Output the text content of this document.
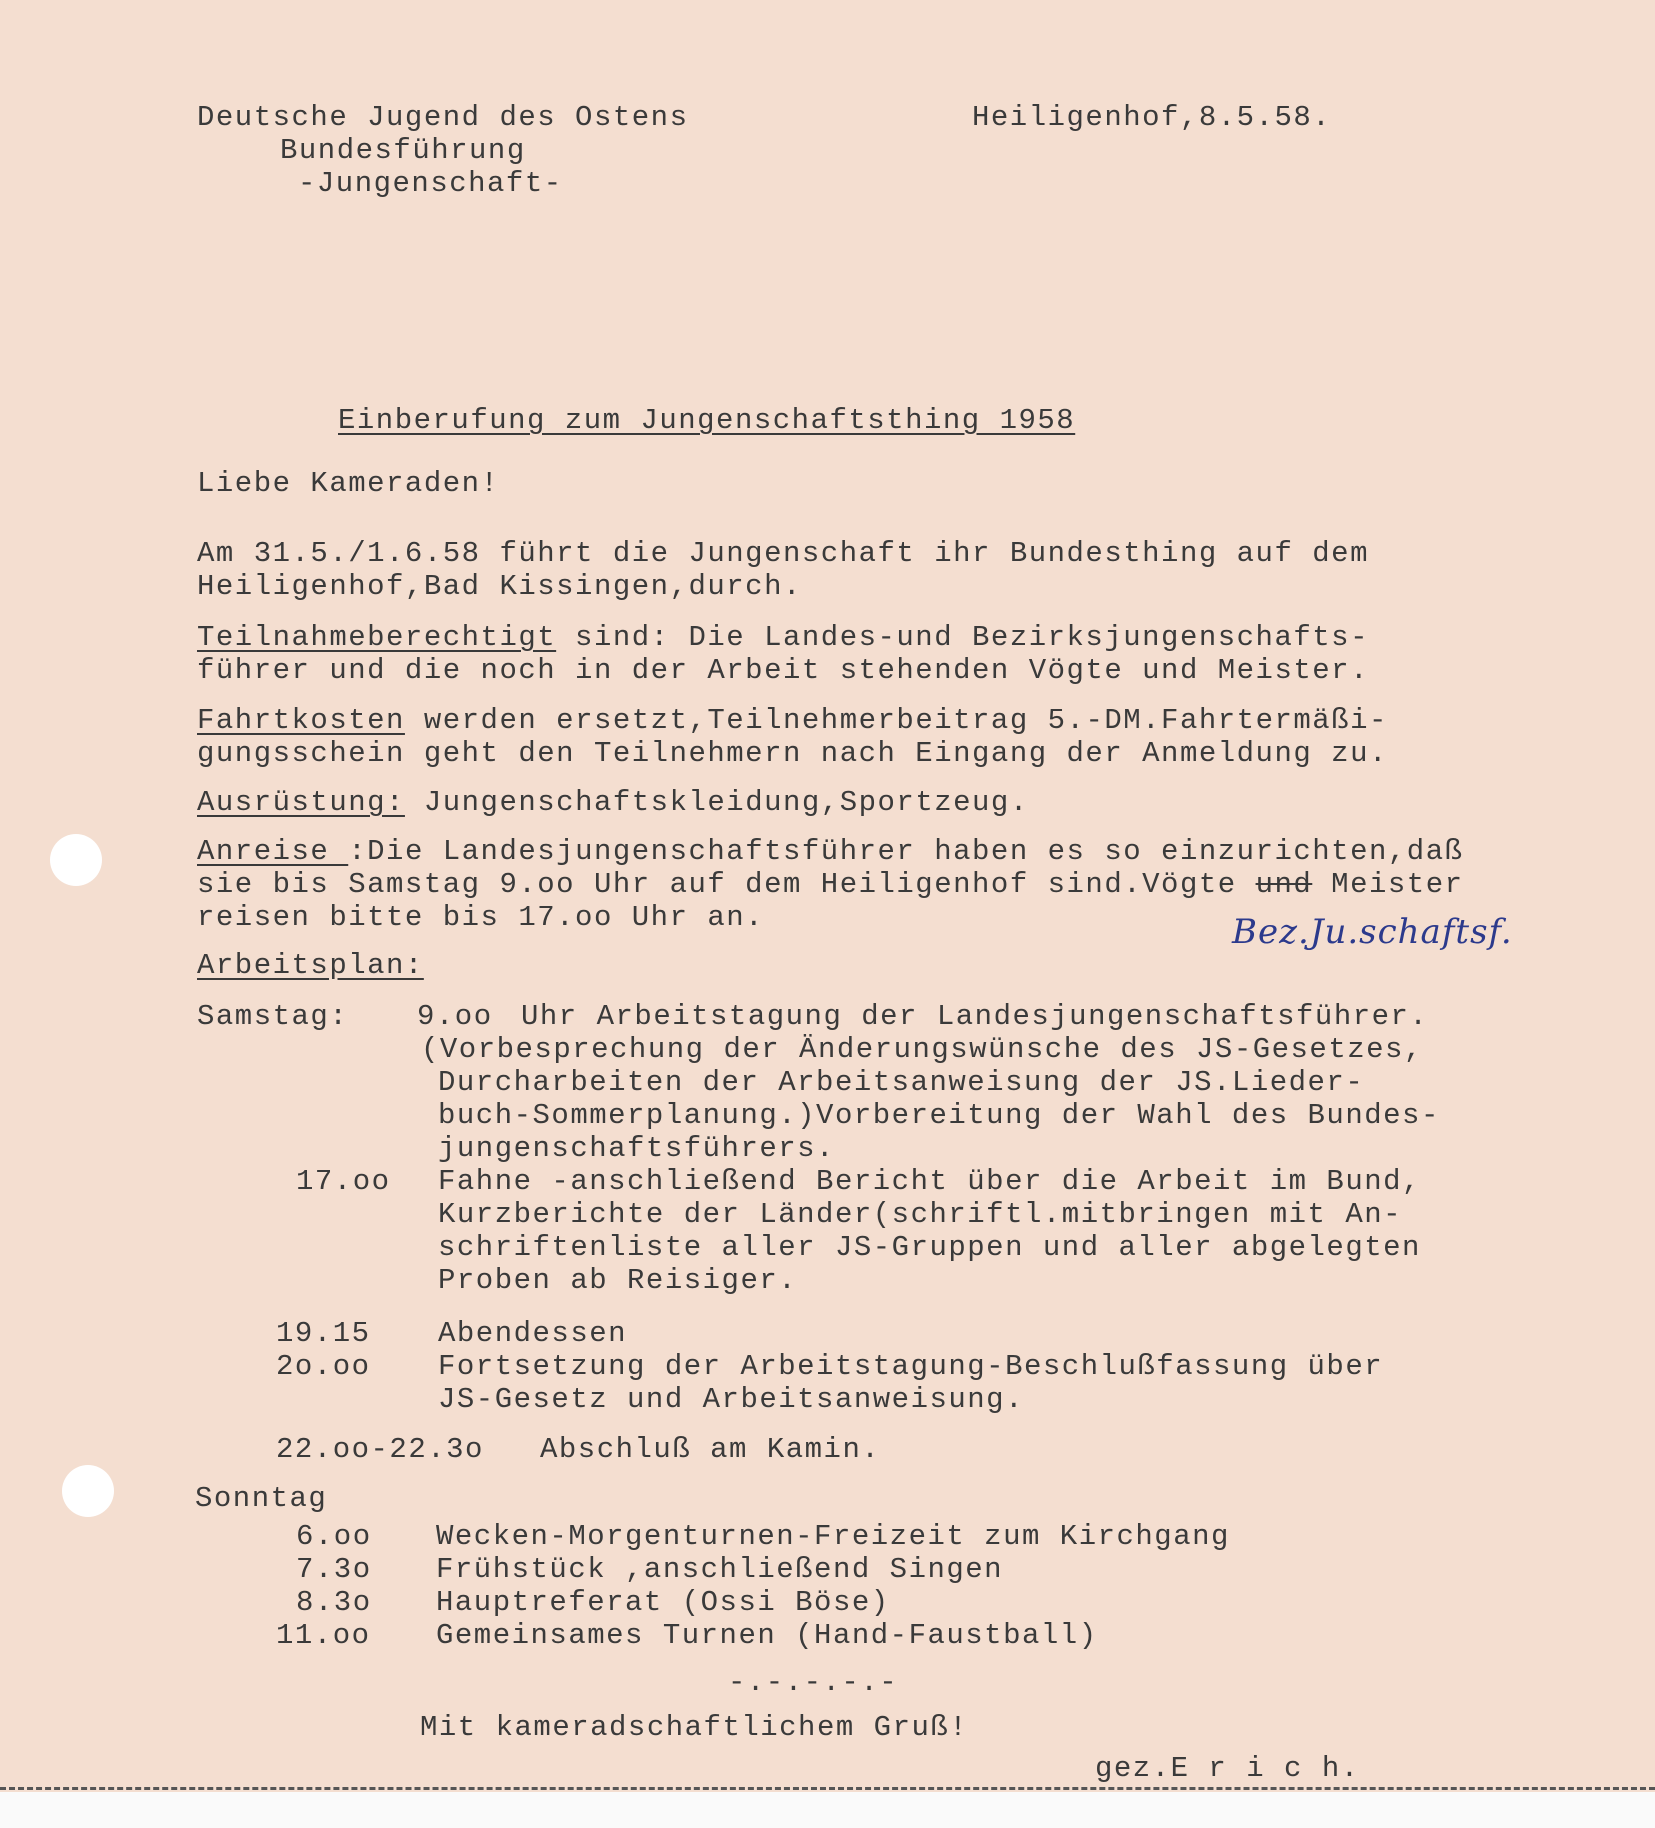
Deutsche Jugend des Ostens
Bundesführung
-Jungenschaft-
Heiligenhof,8.5.58.
Einberufung zum Jungenschaftsthing 1958
Liebe Kameraden!
Am 31.5./1.6.58 führt die Jungenschaft ihr Bundesthing auf dem
Heiligenhof,Bad Kissingen,durch.
Teilnahmeberechtigt sind: Die Landes-und Bezirksjungenschafts-
führer und die noch in der Arbeit stehenden Vögte und Meister.
Fahrtkosten werden ersetzt,Teilnehmerbeitrag 5.-DM.Fahrtermäßi-
gungsschein geht den Teilnehmern nach Eingang der Anmeldung zu.
Ausrüstung: Jungenschaftskleidung,Sportzeug.
Anreise :Die Landesjungenschaftsführer haben es so einzurichten,daß
sie bis Samstag 9.oo Uhr auf dem Heiligenhof sind.Vögte und Meister
reisen bitte bis 17.oo Uhr an.	Bez.Ju.schaftsf.
Arbeitsplan:
Samstag: 9.oo Uhr Arbeitstagung der Landesjungenschaftsführer.
(Vorbesprechung der Änderungswünsche des JS-Gesetzes,
Durcharbeiten der Arbeitsanweisung der JS.Lieder-
buch-Sommerplanung.)Vorbereitung der Wahl des Bundes-
jungenschaftsführers.
17.oo Fahne -anschließend Bericht über die Arbeit im Bund,
Kurzberichte der Länder(schriftl.mitbringen mit An-
schriftenliste aller JS-Gruppen und aller abgelegten
Proben ab Reisiger.
19.15 Abendessen
2o.oo Fortsetzung der Arbeitstagung-Beschlußfassung über
JS-Gesetz und Arbeitsanweisung.
22.oo-22.3o Abschluß am Kamin.
Sonntag
6.oo Wecken-Morgenturnen-Freizeit zum Kirchgang
7.3o Frühstück ,anschließend Singen
8.3o Hauptreferat (Ossi Böse)
11.oo Gemeinsames Turnen (Hand-Faustball)
-.-.-.-.-
Mit kameradschaftlichem Gruß!
gez.E r i c h.
